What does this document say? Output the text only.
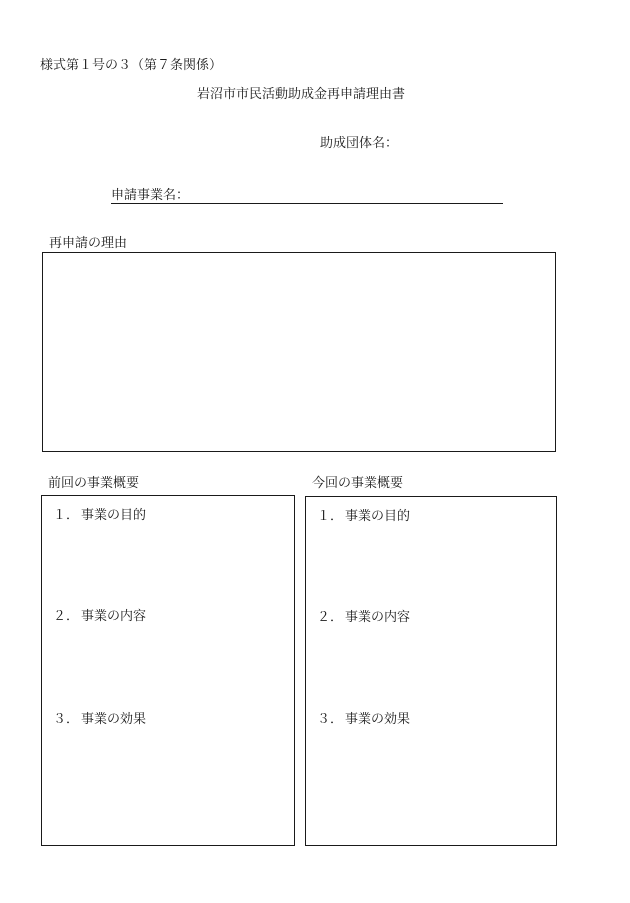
様式第１号の３（第７条関係）
岩沼市市民活動助成金再申請理由書
助成団体名：
申請事業名：
再申請の理由
前回の事業概要	今回の事業概要
１． 事業の目的
２． 事業の内容
３． 事業の効果
１． 事業の目的
２． 事業の内容
３． 事業の効果
